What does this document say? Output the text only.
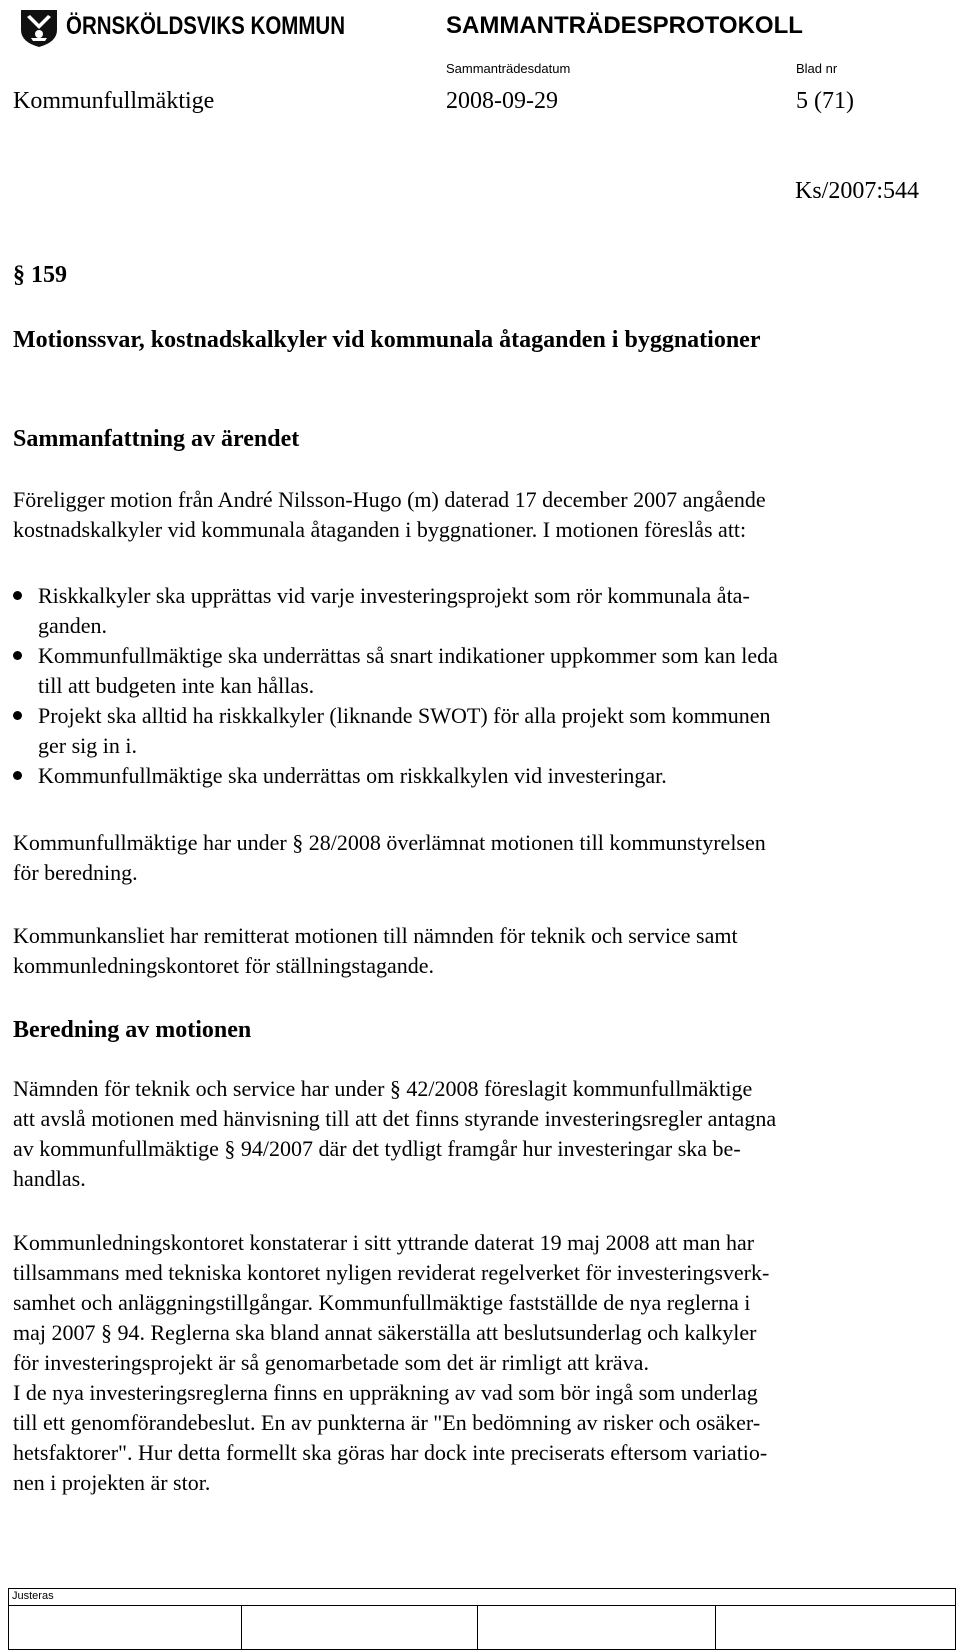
ÖRNSKÖLDSVIKS KOMMUN	SAMMANTRÄDESPROTOKOLL
Sammanträdesdatum	Blad nr
Kommunfullmäktige	2008-09-29	5 (71)
Ks/2007:544
§ 159
Motionssvar, kostnadskalkyler vid kommunala åtaganden i byggnationer
Sammanfattning av ärendet
Föreligger motion från André Nilsson-Hugo (m) daterad 17 december 2007 angående
kostnadskalkyler vid kommunala åtaganden i byggnationer. I motionen föreslås att:
Riskkalkyler ska upprättas vid varje investeringsprojekt som rör kommunala åta-
ganden.
Kommunfullmäktige ska underrättas så snart indikationer uppkommer som kan leda
till att budgeten inte kan hållas.
Projekt ska alltid ha riskkalkyler (liknande SWOT) för alla projekt som kommunen
ger sig in i.
Kommunfullmäktige ska underrättas om riskkalkylen vid investeringar.
Kommunfullmäktige har under § 28/2008 överlämnat motionen till kommunstyrelsen
för beredning.
Kommunkansliet har remitterat motionen till nämnden för teknik och service samt
kommunledningskontoret för ställningstagande.
Beredning av motionen
Nämnden för teknik och service har under § 42/2008 föreslagit kommunfullmäktige
att avslå motionen med hänvisning till att det finns styrande investeringsregler antagna
av kommunfullmäktige § 94/2007 där det tydligt framgår hur investeringar ska be-
handlas.
Kommunledningskontoret konstaterar i sitt yttrande daterat 19 maj 2008 att man har
tillsammans med tekniska kontoret nyligen reviderat regelverket för investeringsverk-
samhet och anläggningstillgångar. Kommunfullmäktige fastställde de nya reglerna i
maj 2007 § 94. Reglerna ska bland annat säkerställa att beslutsunderlag och kalkyler
för investeringsprojekt är så genomarbetade som det är rimligt att kräva.
I de nya investeringsreglerna finns en uppräkning av vad som bör ingå som underlag
till ett genomförandebeslut. En av punkterna är "En bedömning av risker och osäker-
hetsfaktorer". Hur detta formellt ska göras har dock inte preciserats eftersom variatio-
nen i projekten är stor.
Justeras
